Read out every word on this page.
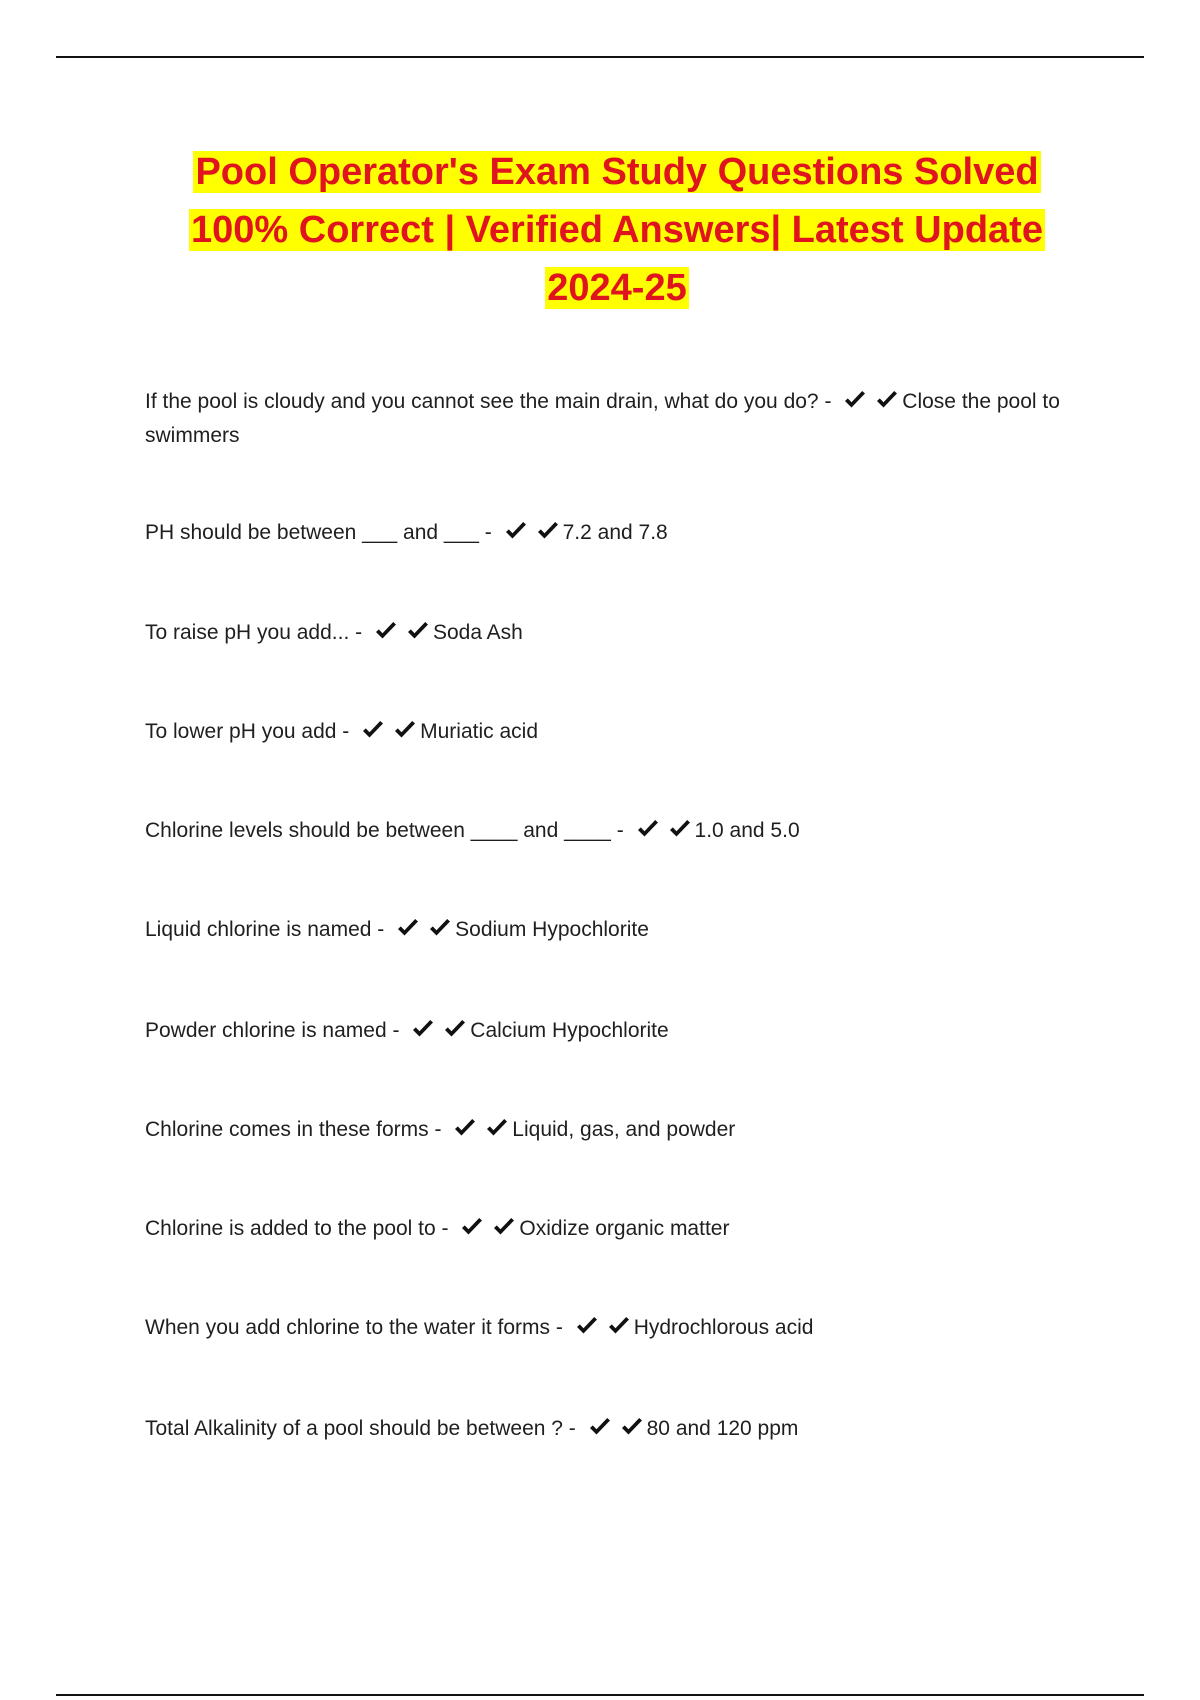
Pool Operator's Exam Study Questions Solved
100% Correct | Verified Answers| Latest Update
2024-25
If the pool is cloudy and you cannot see the main drain, what do you do? -	Close the pool to swimmers
PH should be between ___ and ___ -	7.2 and 7.8
To raise pH you add... -	Soda Ash
To lower pH you add -	Muriatic acid
Chlorine levels should be between ____ and ____ -	1.0 and 5.0
Liquid chlorine is named -	Sodium Hypochlorite
Powder chlorine is named -	Calcium Hypochlorite
Chlorine comes in these forms -	Liquid, gas, and powder
Chlorine is added to the pool to -	Oxidize organic matter
When you add chlorine to the water it forms -	Hydrochlorous acid
Total Alkalinity of a pool should be between ? -	80 and 120 ppm
